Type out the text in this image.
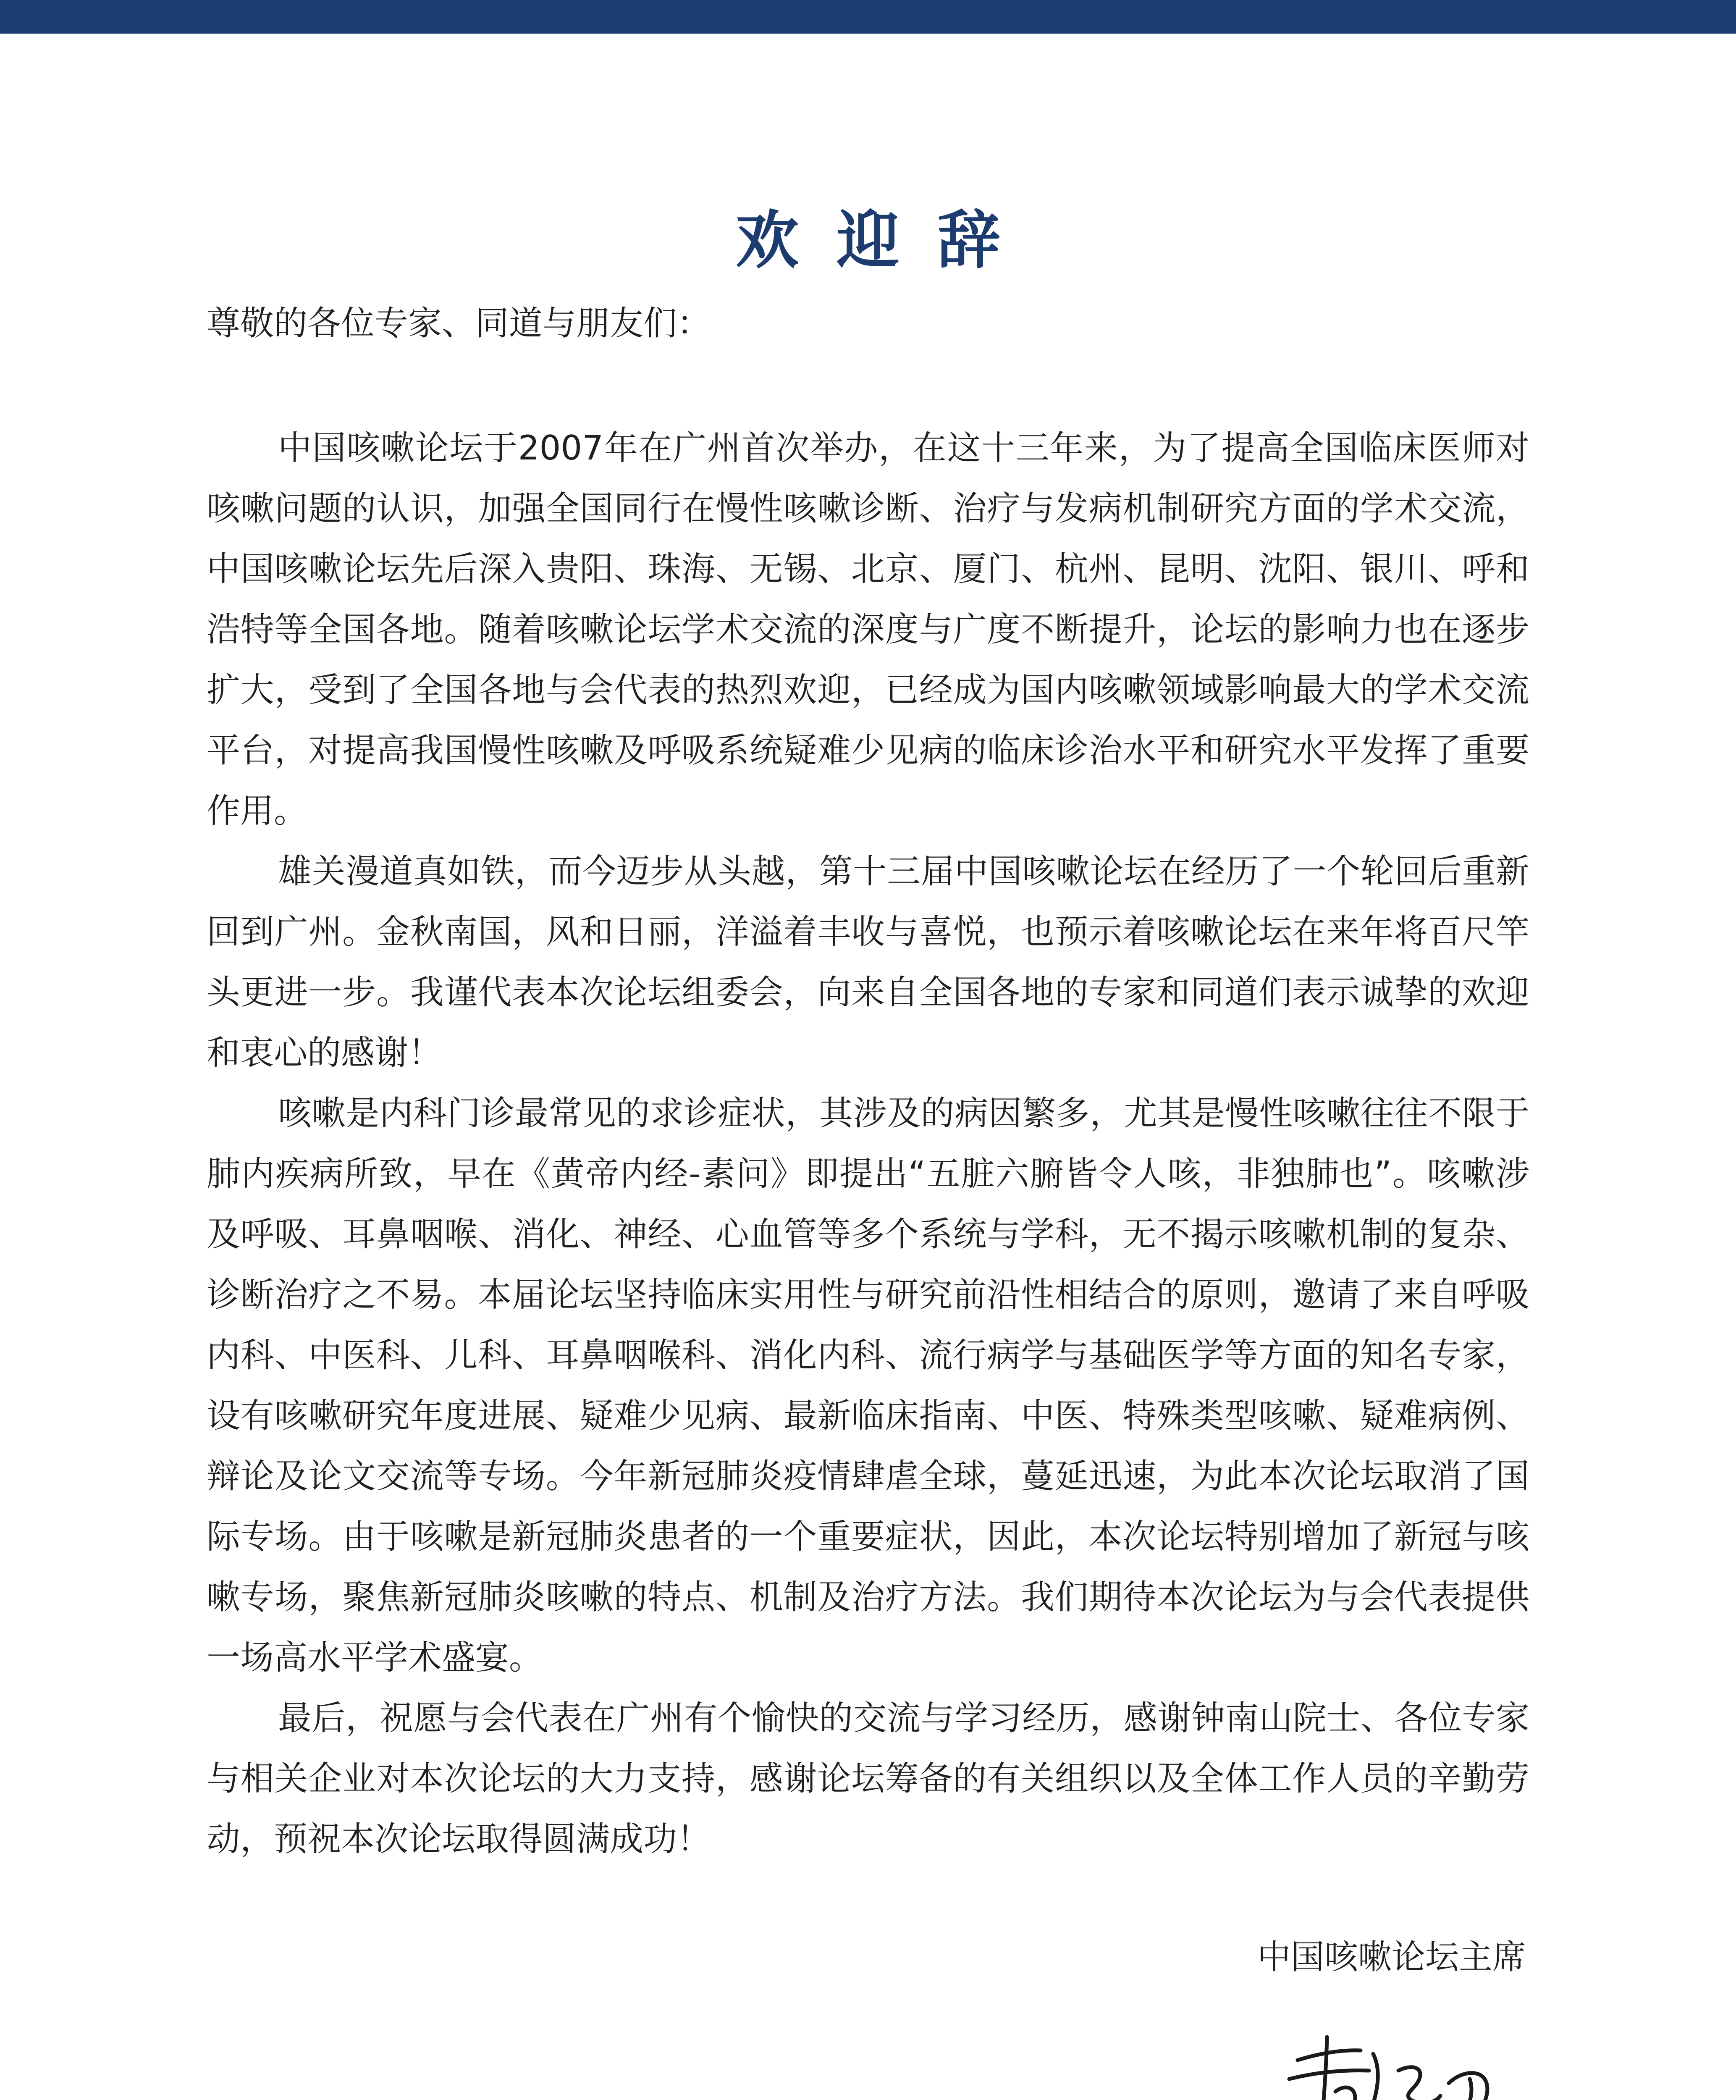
欢迎辞
尊敬的各位专家、同道与朋友们：

中国咳嗽论坛于2007年在广州首次举办，在这十三年来，为了提高全国临床医师对咳嗽问题的认识，加强全国同行在慢性咳嗽诊断、治疗与发病机制研究方面的学术交流，中国咳嗽论坛先后深入贵阳、珠海、无锡、北京、厦门、杭州、昆明、沈阳、银川、呼和浩特等全国各地。随着咳嗽论坛学术交流的深度与广度不断提升，论坛的影响力也在逐步扩大，受到了全国各地与会代表的热烈欢迎，已经成为国内咳嗽领域影响最大的学术交流平台，对提高我国慢性咳嗽及呼吸系统疑难少见病的临床诊治水平和研究水平发挥了重要作用。

雄关漫道真如铁，而今迈步从头越，第十三届中国咳嗽论坛在经历了一个轮回后重新回到广州。金秋南国，风和日丽，洋溢着丰收与喜悦，也预示着咳嗽论坛在来年将百尺竿头更进一步。我谨代表本次论坛组委会，向来自全国各地的专家和同道们表示诚挚的欢迎和衷心的感谢！

咳嗽是内科门诊最常见的求诊症状，其涉及的病因繁多，尤其是慢性咳嗽往往不限于肺内疾病所致，早在《黄帝内经-素问》即提出“五脏六腑皆令人咳，非独肺也”。咳嗽涉及呼吸、耳鼻咽喉、消化、神经、心血管等多个系统与学科，无不揭示咳嗽机制的复杂、诊断治疗之不易。本届论坛坚持临床实用性与研究前沿性相结合的原则，邀请了来自呼吸内科、中医科、儿科、耳鼻咽喉科、消化内科、流行病学与基础医学等方面的知名专家，设有咳嗽研究年度进展、疑难少见病、最新临床指南、中医、特殊类型咳嗽、疑难病例、辩论及论文交流等专场。今年新冠肺炎疫情肆虐全球，蔓延迅速，为此本次论坛取消了国际专场。由于咳嗽是新冠肺炎患者的一个重要症状，因此，本次论坛特别增加了新冠与咳嗽专场，聚焦新冠肺炎咳嗽的特点、机制及治疗方法。我们期待本次论坛为与会代表提供一场高水平学术盛宴。

最后，祝愿与会代表在广州有个愉快的交流与学习经历，感谢钟南山院士、各位专家与相关企业对本次论坛的大力支持，感谢论坛筹备的有关组织以及全体工作人员的辛勤劳动，预祝本次论坛取得圆满成功！

中国咳嗽论坛主席
